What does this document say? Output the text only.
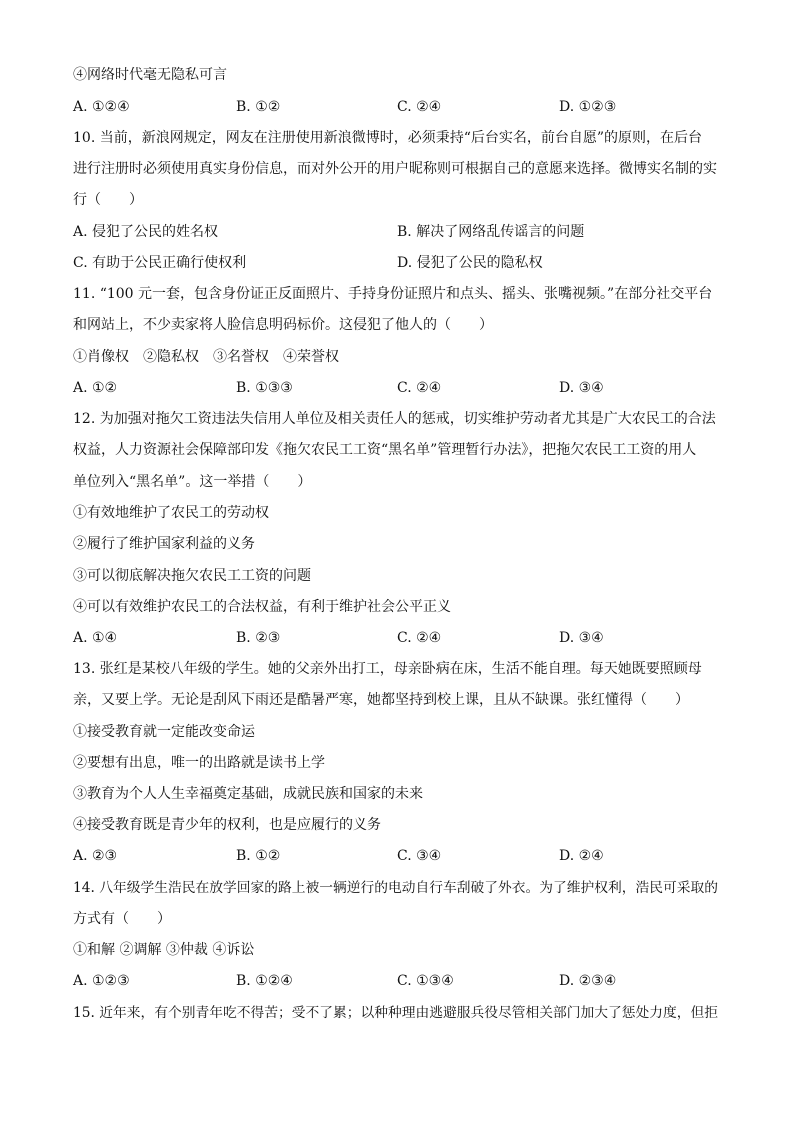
④网络时代毫无隐私可言
A. ①②④	B. ①②	C. ②④	D. ①②③
10. 当前，新浪网规定，网友在注册使用新浪微博时，必须秉持“后台实名，前台自愿”的原则，在后台
进行注册时必须使用真实身份信息，而对外公开的用户昵称则可根据自己的意愿来选择。微博实名制的实
行（　　）
A. 侵犯了公民的姓名权	B. 解决了网络乱传谣言的问题
C. 有助于公民正确行使权利	D. 侵犯了公民的隐私权
11. “100 元一套，包含身份证正反面照片、手持身份证照片和点头、摇头、张嘴视频。”在部分社交平台
和网站上，不少卖家将人脸信息明码标价。这侵犯了他人的（　　）
①肖像权　②隐私权　③名誉权　④荣誉权
A. ①②	B. ①③③	C. ②④	D. ③④
12. 为加强对拖欠工资违法失信用人单位及相关责任人的惩戒，切实维护劳动者尤其是广大农民工的合法
权益，人力资源社会保障部印发《拖欠农民工工资“黑名单”管理暂行办法》，把拖欠农民工工资的用人
单位列入“黑名单”。这一举措（　　）
①有效地维护了农民工的劳动权
②履行了维护国家利益的义务
③可以彻底解决拖欠农民工工资的问题
④可以有效维护农民工的合法权益，有利于维护社会公平正义
A. ①④	B. ②③	C. ②④	D. ③④
13. 张红是某校八年级的学生。她的父亲外出打工，母亲卧病在床，生活不能自理。每天她既要照顾母
亲，又要上学。无论是刮风下雨还是酷暑严寒，她都坚持到校上课，且从不缺课。张红懂得（　　）
①接受教育就一定能改变命运
②要想有出息，唯一的出路就是读书上学
③教育为个人人生幸福奠定基础，成就民族和国家的未来
④接受教育既是青少年的权利，也是应履行的义务
A. ②③	B. ①②	C. ③④	D. ②④
14. 八年级学生浩民在放学回家的路上被一辆逆行的电动自行车刮破了外衣。为了维护权利，浩民可采取的
方式有（　　）
①和解 ②调解 ③仲裁 ④诉讼
A. ①②③	B. ①②④	C. ①③④	D. ②③④
15. 近年来，有个别青年吃不得苦；受不了累；以种种理由逃避服兵役尽管相关部门加大了惩处力度，但拒
